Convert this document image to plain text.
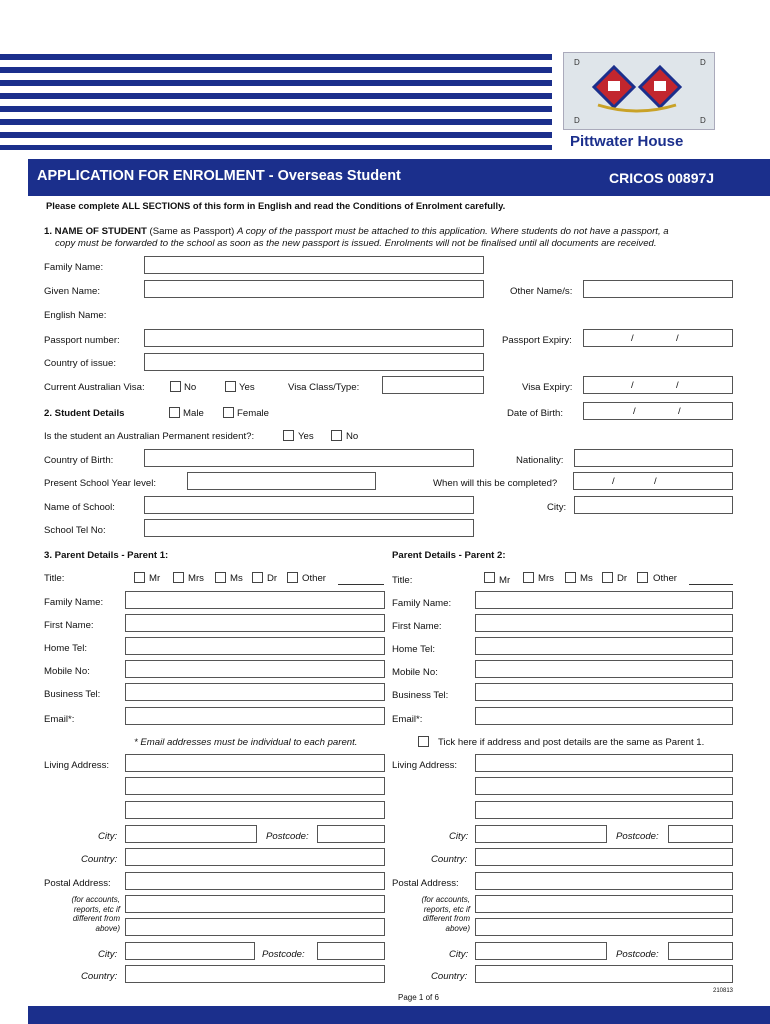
D	D
D	D
Pittwater House
APPLICATION FOR ENROLMENT - Overseas Student	CRICOS 00897J
Please complete ALL SECTIONS of this form in English and read the Conditions of Enrolment carefully.
1. NAME OF STUDENT (Same as Passport) A copy of the passport must be attached to this application. Where students do not have a passport, a
copy must be forwarded to the school as soon as the new passport is issued. Enrolments will not be finalised until all documents are received.
Family Name:
Given Name:	Other Name/s:
English Name:
Passport number:	Passport Expiry:	/	/
Country of issue:
Current Australian Visa:	No	Yes	Visa Class/Type:	Visa Expiry:	/	/
2. Student Details	Male	Female	Date of Birth:	/	/
Is the student an Australian Permanent resident?:	Yes	No
Country of Birth:	Nationality:
Present School Year level:	When will this be completed?	/	/
Name of School:	City:
School Tel No:
3. Parent Details - Parent 1:	Parent Details - Parent 2:
Title:	Mr	Mrs	Ms	Dr	Other	Title:	Mr	Mrs	Ms	Dr	Other
Family Name:	Family Name:
First Name:	First Name:
Home Tel:	Home Tel:
Mobile No:	Mobile No:
Business Tel:	Business Tel:
Email*:	Email*:
* Email addresses must be individual to each parent.	Tick here if address and post details are the same as Parent 1.
Living Address:	Living Address:
City:	Postcode:	City:	Postcode:
Country:	Country:
Postal Address:
(for accounts,
reports, etc if
different from
above)
Postal Address:
(for accounts,
reports, etc if
different from
above)
City:	Postcode:	City:	Postcode:
Country:	Country:
Page 1 of 6
210813
